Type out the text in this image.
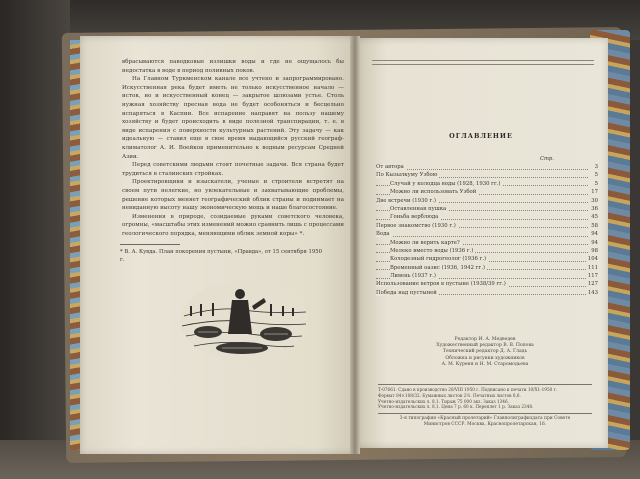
вбрасываются паводковые излишки воды и где не ощущалось бы недостатка в воде в период поливных поков.

На Главном Туркменском канале все учтено и запрограммировано. Искусственная река будет иметь не только искусственное начало — исток, но и искусственный конец — закрытое шлюзами устье. Столь нужная хозяйству пресная вода не будет особоняться и бесцельно испаряться в Каспии. Все испарение направят на пользу нашему хозяйству и будет происходить в виде полезной транспирации, т. е. в виде испарения с поверхности культурных растений. Эту задачу — как идеальную — ставил еще в свое время выдающийся русский географ-климатолог А. И. Воейков применительно к водным ресурсам Средней Азии.

Перед советскими людьми стоят почетные задачи. Вся страна будет трудиться в сталинских стройках.

Проектировщики и изыскатели, ученые и строители встретят на своем пути нелегкие, но увлекательные и захватывающие проблемы, решение которых меняет географический облик страны и поднимает на невиданную высоту нашу экономическую мощь и наше благосостояние.

Изменения в природе, созидаемые руками советского человека, огромны, «масштабы этих изменений можно сравнить лишь с процессами геологического порядка, меняющими облик земной коры» *.

* В. А. Кувда. План покорения пустыни, «Правда», от 15 сентября 1950 г.
ОГЛАВЛЕНИЕ
Стр.
От автора	3
По Кызылкуму Узбою	5
Случай у колодца воды (1928, 1930 гг.)	5
Можно ли использовать Узбой	17
Две встречи (1930 г.)	30
Оставленная пушка	36
Гоньба верблюда	45
Первое знакомство (1930 г.)	58
Вода	94
Можно ли верить карте?	94
Мелеко вместо воды (1936 г.)	98
Колодезный гидрогеолог (1936 г.)	104
Временный оазис (1936, 1942 гг.)	111
Ливень (1937 г.)	117
Использование ветров в пустыне (1938/39 гг.)	127
Победа над пустыней	143
Редактор И. А. Медведев
Художественный редактор В. В. Попова
Технический редактор Д. А. Гладь
Обложка и рисунки художников
А. М. Куреня и Н. М. Старомодьева
Т-07661. Сдано в производство 20/VIII 1950 г. Подписано к печати 10/X1-1950 г.
Формат 84×108/32. Бумажных листов 2½. Печатных листов 8,6.
Учетно-издательских л. 8,1. Тираж 75 000 экз. Заказ 1346.
Учетно-издательских л. 8,1. Цена 7 р. 60 к. Переплет 1 р. Заказ 2348.
3-я типография «Красный пролетарий» Главполиграфиздата при Совете
Министров СССР. Москва, Краснопролетарская, 16.
